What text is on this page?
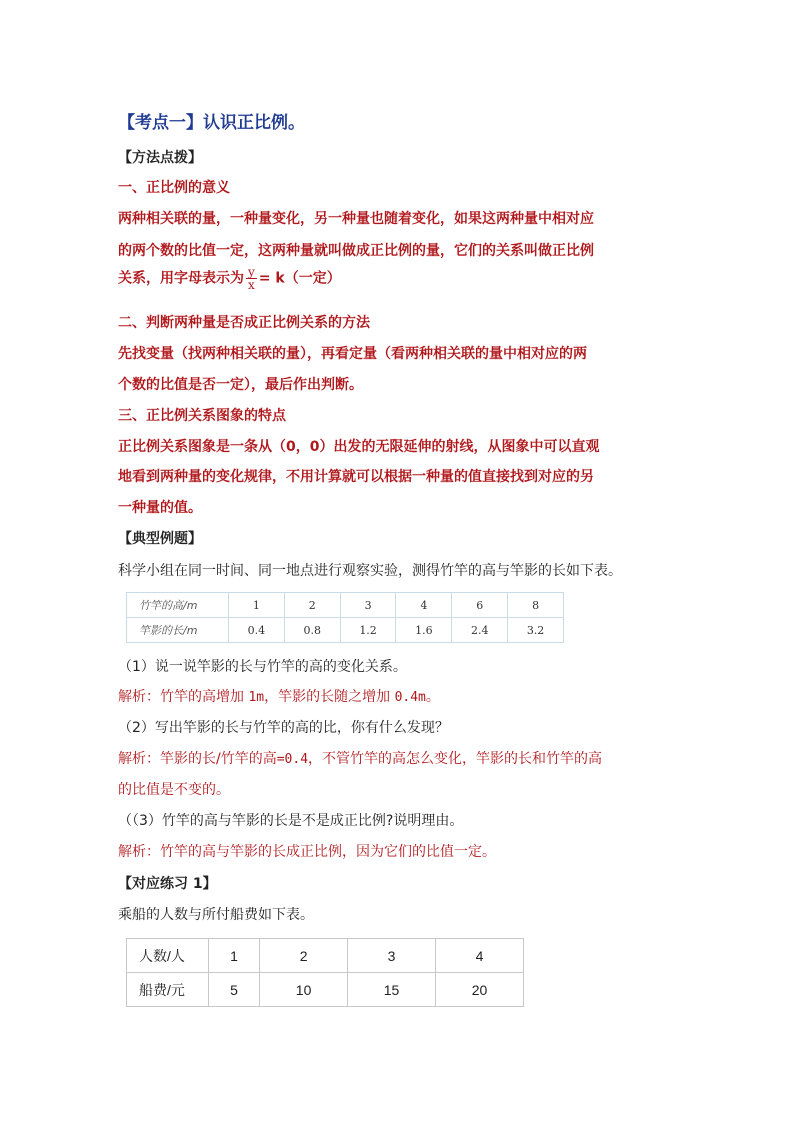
【考点一】认识正比例。
【方法点拨】
一、正比例的意义
两种相关联的量，一种量变化，另一种量也随着变化，如果这两种量中相对应
的两个数的比值一定，这两种量就叫做成正比例的量，它们的关系叫做正比例
关系，用字母表示为 $\frac{y}{x} = k$（一定）
二、判断两种量是否成正比例关系的方法
先找变量（找两种相关联的量），再看定量（看两种相关联的量中相对应的两
个数的比值是否一定），最后作出判断。
三、正比例关系图象的特点
正比例关系图象是一条从（0，0）出发的无限延伸的射线，从图象中可以直观
地看到两种量的变化规律，不用计算就可以根据一种量的值直接找到对应的另
一种量的值。
【典型例题】
科学小组在同一时间、同一地点进行观察实验，测得竹竿的高与竿影的长如下表。
竹竿的高/m	1	2	3	4	6	8
竿影的长/m	0.4	0.8	1.2	1.6	2.4	3.2
（1）说一说竿影的长与竹竿的高的变化关系。
解析：竹竿的高增加 1m，竿影的长随之增加 0.4m。
（2）写出竿影的长与竹竿的高的比，你有什么发现？
解析：竿影的长/竹竿的高=0.4，不管竹竿的高怎么变化，竿影的长和竹竿的高
的比值是不变的。
（（3）竹竿的高与竿影的长是不是成正比例?说明理由。
解析：竹竿的高与竿影的长成正比例，因为它们的比值一定。
【对应练习 1】
乘船的人数与所付船费如下表。
人数/人	1	2	3	4
船费/元	5	10	15	20
